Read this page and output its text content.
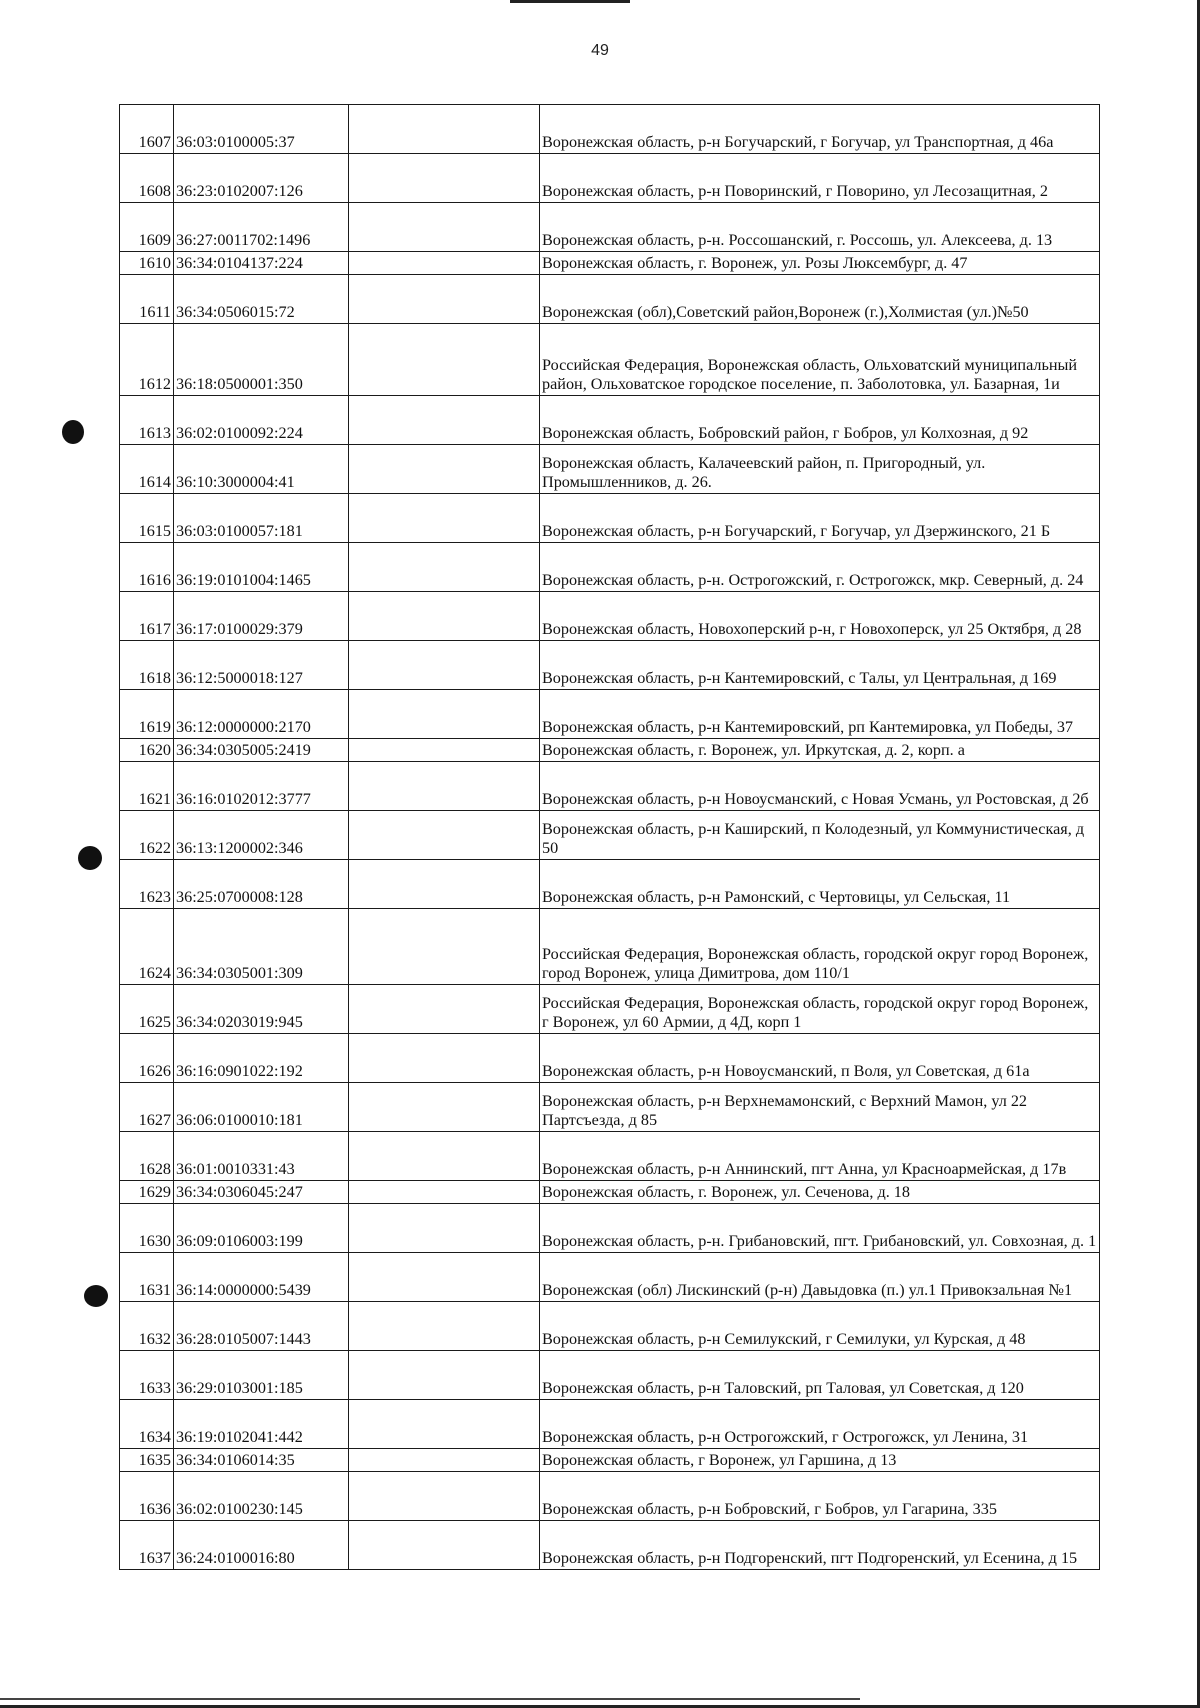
49
1607	36:03:0100005:37		Воронежская область, р-н Богучарский, г Богучар, ул Транспортная, д 46а
1608	36:23:0102007:126		Воронежская область, р-н Поворинский, г Поворино, ул Лесозащитная, 2
1609	36:27:0011702:1496		Воронежская область, р-н. Россошанский, г. Россошь, ул. Алексеева, д. 13
1610	36:34:0104137:224		Воронежская область, г. Воронеж, ул. Розы Люксембург, д. 47
1611	36:34:0506015:72		Воронежская (обл),Советский район,Воронеж (г.),Холмистая (ул.)№50
1612	36:18:0500001:350		Российская Федерация, Воронежская область, Ольховатский муниципальный район, Ольховатское городское поселение, п. Заболотовка, ул. Базарная, 1и
1613	36:02:0100092:224		Воронежская область, Бобровский район, г Бобров, ул Колхозная, д 92
1614	36:10:3000004:41		Воронежская область, Калачеевский район, п. Пригородный, ул. Промышленников, д. 26.
1615	36:03:0100057:181		Воронежская область, р-н Богучарский, г Богучар, ул Дзержинского, 21 Б
1616	36:19:0101004:1465		Воронежская область, р-н. Острогожский, г. Острогожск, мкр. Северный, д. 24
1617	36:17:0100029:379		Воронежская область, Новохоперский р-н, г Новохоперск, ул 25 Октября, д 28
1618	36:12:5000018:127		Воронежская область, р-н Кантемировский, с Талы, ул Центральная, д 169
1619	36:12:0000000:2170		Воронежская область, р-н Кантемировский, рп Кантемировка, ул Победы, 37
1620	36:34:0305005:2419		Воронежская область, г. Воронеж, ул. Иркутская, д. 2, корп. а
1621	36:16:0102012:3777		Воронежская область, р-н Новоусманский, с Новая Усмань, ул Ростовская, д 2б
1622	36:13:1200002:346		Воронежская область, р-н Каширский, п Колодезный, ул Коммунистическая, д 50
1623	36:25:0700008:128		Воронежская область, р-н Рамонский, с Чертовицы, ул Сельская, 11
1624	36:34:0305001:309		Российская Федерация, Воронежская область, городской округ город Воронеж, город Воронеж, улица Димитрова, дом 110/1
1625	36:34:0203019:945		Российская Федерация, Воронежская область, городской округ город Воронеж, г Воронеж, ул 60 Армии, д 4Д, корп 1
1626	36:16:0901022:192		Воронежская область, р-н Новоусманский, п Воля, ул Советская, д 61а
1627	36:06:0100010:181		Воронежская область, р-н Верхнемамонский, с Верхний Мамон, ул 22 Партсъезда, д 85
1628	36:01:0010331:43		Воронежская область, р-н Аннинский, пгт Анна, ул Красноармейская, д 17в
1629	36:34:0306045:247		Воронежская область, г. Воронеж, ул. Сеченова, д. 18
1630	36:09:0106003:199		Воронежская область, р-н. Грибановский, пгт. Грибановский, ул. Совхозная, д. 1
1631	36:14:0000000:5439		Воронежская (обл) Лискинский (р-н) Давыдовка (п.) ул.1 Привокзальная №1
1632	36:28:0105007:1443		Воронежская область, р-н Семилукский, г Семилуки, ул Курская, д 48
1633	36:29:0103001:185		Воронежская область, р-н Таловский, рп Таловая, ул Советская, д 120
1634	36:19:0102041:442		Воронежская область, р-н Острогожский, г Острогожск, ул Ленина, 31
1635	36:34:0106014:35		Воронежская область, г Воронеж, ул Гаршина, д 13
1636	36:02:0100230:145		Воронежская область, р-н Бобровский, г Бобров, ул Гагарина, 335
1637	36:24:0100016:80		Воронежская область, р-н Подгоренский, пгт Подгоренский, ул Есенина, д 15
